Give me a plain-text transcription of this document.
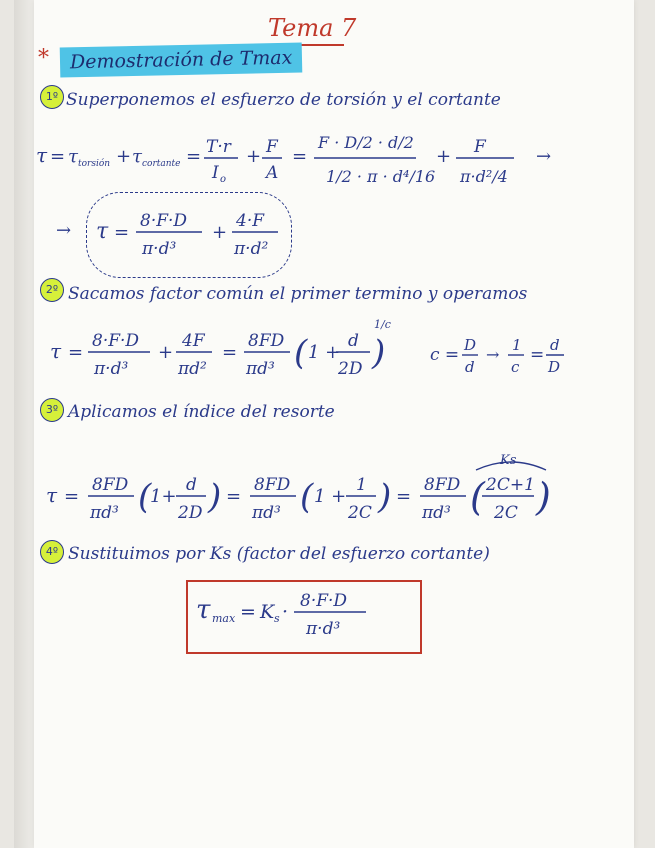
Tema 7
*	Demostración de Tmax
1º Superponemos el esfuerzo de torsión y el cortante
τ = τ torsión + τ cortante = T·r
I o
+ F
A
=
F · D/2 · d/2
1/2 · π · d⁴/16
+ F
π·d²/4
→
→ τ =
8·F·D
π·d³
+
4·F
π·d²
2º Sacamos factor común el primer termino y operamos
τ =
8·F·D
π·d³
+
4F
πd²
=
8FD
πd³ ( 1 +
d
2D )
1/c
c = D
d
→ 1
c
= d
D
3º Aplicamos el índice del resorte
τ =
8FD
πd³ (
1+
d
2D ) =
8FD
πd³ ( 1 +
1
2C ) =
8FD
πd³ ( 2C+1
2C )
Ks
4º Sustituimos por Ks (factor del esfuerzo cortante)
τ max = K s · 8·F·D
π·d³
